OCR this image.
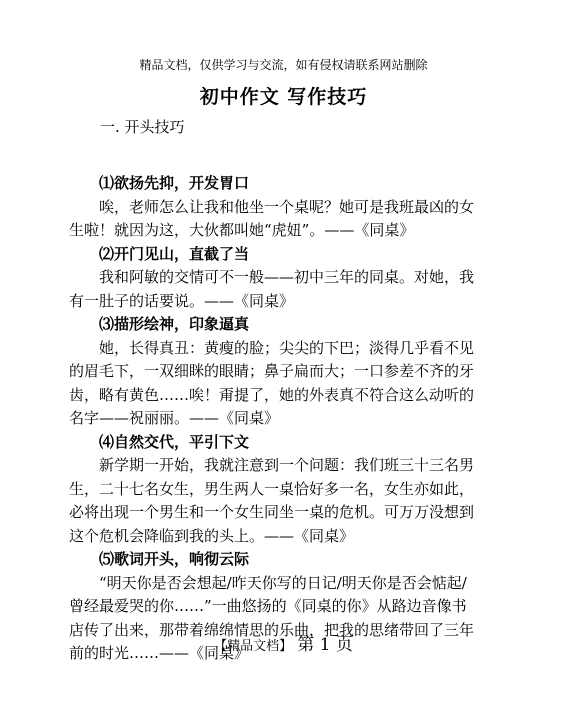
精品文档，仅供学习与交流，如有侵权请联系网站删除
初中作文 写作技巧
一. 开头技巧

⑴欲扬先抑，开发胃口

唉，老师怎么让我和他坐一个桌呢？她可是我班最凶的女

生啦！就因为这，大伙都叫她“虎妞”。——《同桌》

⑵开门见山，直截了当

我和阿敏的交情可不一般——初中三年的同桌。对她，我

有一肚子的话要说。——《同桌》

⑶描形绘神，印象逼真

她，长得真丑：黄瘦的脸；尖尖的下巴；淡得几乎看不见

的眉毛下，一双细眯的眼睛；鼻子扁而大；一口参差不齐的牙

齿，略有黄色……唉！甭提了，她的外表真不符合这么动听的

名字——祝丽丽。——《同桌》

⑷自然交代，平引下文

新学期一开始，我就注意到一个问题：我们班三十三名男

生，二十七名女生，男生两人一桌恰好多一名，女生亦如此，

必将出现一个男生和一个女生同坐一桌的危机。可万万没想到

这个危机会降临到我的头上。——《同桌》

⑸歌词开头，响彻云际

“明天你是否会想起/昨天你写的日记/明天你是否会惦起/

曾经最爱哭的你……”一曲悠扬的《同桌的你》从路边音像书

店传了出来，那带着绵绵情思的乐曲，把我的思绪带回了三年

前的时光……——《同桌》

【精品文档】 第 1 页
